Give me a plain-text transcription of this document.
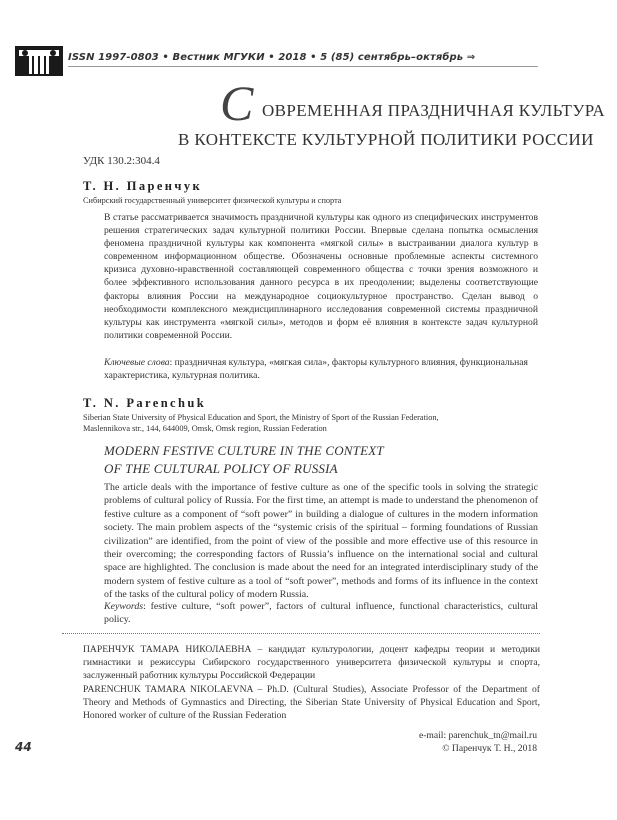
ISSN 1997-0803 • Вестник МГУКИ • 2018 • 5 (85) сентябрь–октябрь ⇒
С ОВРЕМЕННАЯ ПРАЗДНИЧНАЯ КУЛЬТУРА
В КОНТЕКСТЕ КУЛЬТУРНОЙ ПОЛИТИКИ РОССИИ
УДК 130.2:304.4
Т. Н. Паренчук
Сибирский государственный университет физической культуры и спорта
В статье рассматривается значимость праздничной культуры как одного из специфических инструментов решения стратегических задач культурной политики России. Впервые сделана попытка осмысления феномена праздничной культуры как компонента «мягкой силы» в выстраивании диалога культур в современном информационном обществе. Обозначены основные проблемные аспекты системного кризиса духовно-нравственной составляющей современного общества с точки зрения возможного и более эффективного использования данного ресурса в их преодолении; выделены соответствующие факторы влияния России на международное социокультурное пространство. Сделан вывод о необходимости комплексного междисциплинарного исследования современной системы праздничной культуры как инструмента «мягкой силы», методов и форм её влияния в контексте задач культурной политики современной России.
Ключевые слова: праздничная культура, «мягкая сила», факторы культурного влияния, функциональная характеристика, культурная политика.
T. N. Parenchuk
Siberian State University of Physical Education and Sport, the Ministry of Sport of the Russian Federation,
Maslennikova str., 144, 644009, Omsk, Omsk region, Russian Federation
MODERN FESTIVE CULTURE IN THE CONTEXT
OF THE CULTURAL POLICY OF RUSSIA
The article deals with the importance of festive culture as one of the specific tools in solving the strategic problems of cultural policy of Russia. For the first time, an attempt is made to understand the phenomenon of festive culture as a component of “soft power” in building a dialogue of cultures in the modern information society. The main problem aspects of the “systemic crisis of the spiritual – forming foundations of Russian civilization” are identified, from the point of view of the possible and more effective use of this resource in their overcoming; the corresponding factors of Russia’s influence on the international social and cultural space are highlighted. The conclusion is made about the need for an integrated interdisciplinary study of the modern system of festive culture as a tool of “soft power”, methods and forms of its influence in the context of the tasks of the cultural policy of modern Russia.
Keywords: festive culture, “soft power”, factors of cultural influence, functional characteristics, cultural policy.
ПАРЕНЧУК ТАМАРА НИКОЛАЕВНА – кандидат культурологии, доцент кафедры теории и методики гимнастики и режиссуры Сибирского государственного университета физической культуры и спорта, заслуженный работник культуры Российской Федерации
PARENCHUK TAMARA NIKOLAEVNA – Ph.D. (Cultural Studies), Associate Professor of the Department of Theory and Methods of Gymnastics and Directing, the Siberian State University of Physical Education and Sport, Honored worker of culture of the Russian Federation
e-mail: parenchuk_tn@mail.ru
© Паренчук Т. Н., 2018
44
